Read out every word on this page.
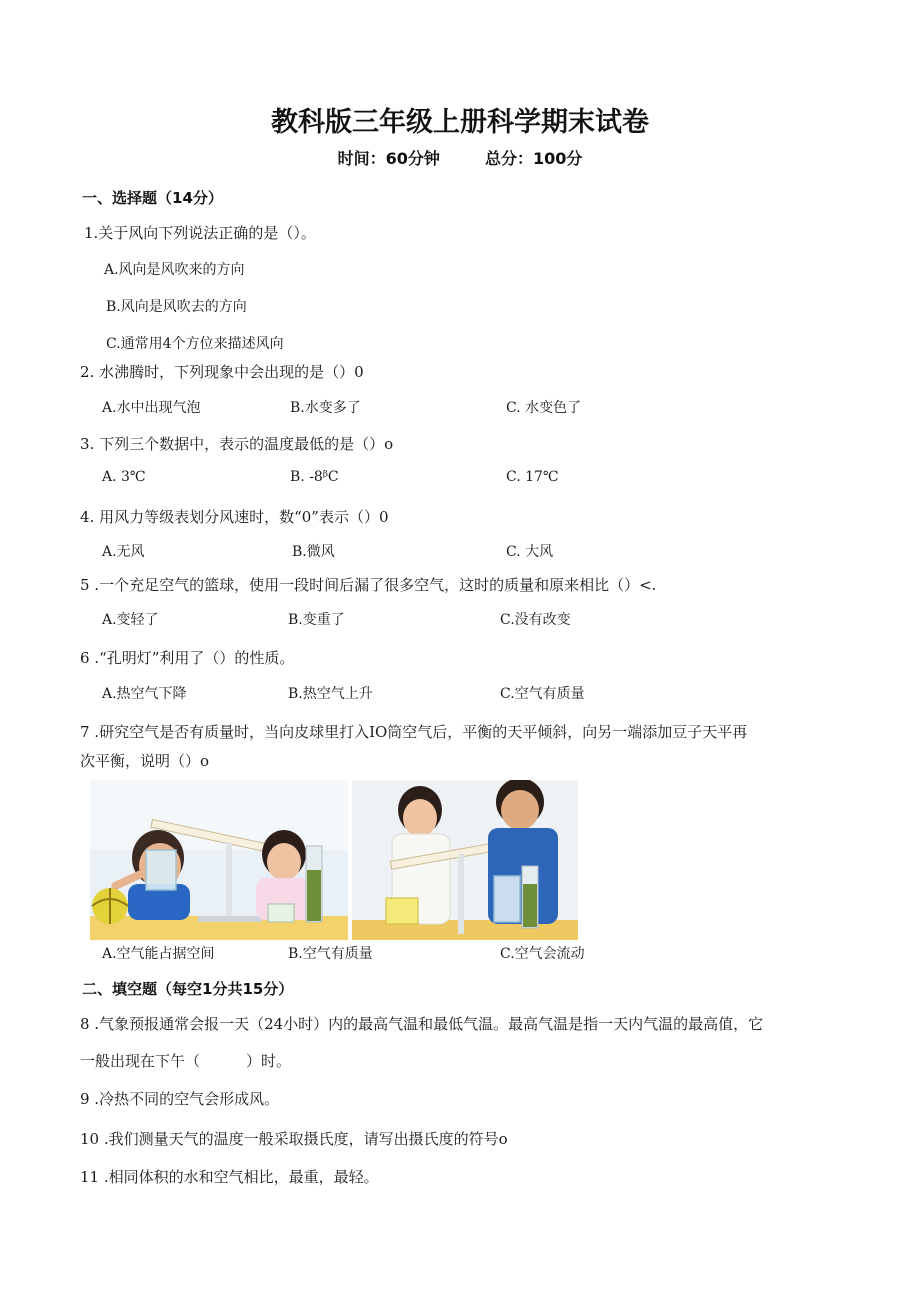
教科版三年级上册科学期末试卷
时间：60分钟	总分：100分
一、选择题（14分）
1.关于风向下列说法正确的是（）。
A.风向是风吹来的方向
B.风向是风吹去的方向
C.通常用4个方位来描述风向
2. 水沸腾时，下列现象中会出现的是（）0
A.水中出现气泡	B.水变多了	C. 水变色了
3. 下列三个数据中，表示的温度最低的是（）o
A. 3℃	B. -8ᵝC	C. 17℃
4. 用风力等级表划分风速时，数“0”表示（）0
A.无风	B.微风	C. 大风
5 .一个充足空气的篮球，使用一段时间后漏了很多空气，这时的质量和原来相比（）<.
A.变轻了	B.变重了	C.没有改变
6 .“孔明灯”利用了（）的性质。
A.热空气下降	B.热空气上升	C.空气有质量
7 .研究空气是否有质量时，当向皮球里打入IO筒空气后，平衡的天平倾斜，向另一端添加豆子天平再
次平衡，说明（）o
A.空气能占据空间	B.空气有质量	C.空气会流动
二、填空题（每空1分共15分）
8 .气象预报通常会报一天（24小时）内的最高气温和最低气温。最高气温是指一天内气温的最高值，它
一般出现在下午（	）时。
9 .冷热不同的空气会形成风。
10 .我们测量天气的温度一般采取摄氏度，请写出摄氏度的符号o
11 .相同体积的水和空气相比，最重，最轻。
